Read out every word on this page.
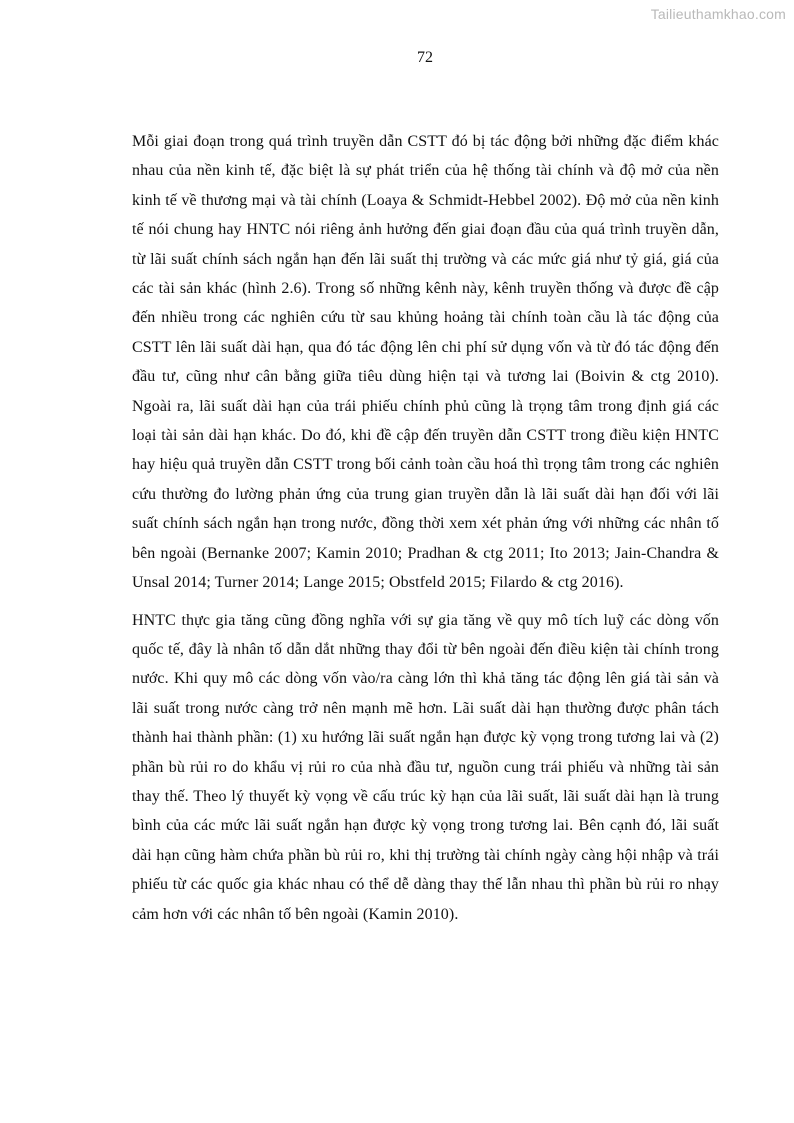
Tailieuthamkhao.com
72

Mỗi giai đoạn trong quá trình truyền dẫn CSTT đó bị tác động bởi những đặc điểm khác nhau của nền kinh tế, đặc biệt là sự phát triển của hệ thống tài chính và độ mở của nền kinh tế về thương mại và tài chính (Loaya & Schmidt-Hebbel 2002). Độ mở của nền kinh tế nói chung hay HNTC nói riêng ảnh hưởng đến giai đoạn đầu của quá trình truyền dẫn, từ lãi suất chính sách ngắn hạn đến lãi suất thị trường và các mức giá như tỷ giá, giá của các tài sản khác (hình 2.6). Trong số những kênh này, kênh truyền thống và được đề cập đến nhiều trong các nghiên cứu từ sau khủng hoảng tài chính toàn cầu là tác động của CSTT lên lãi suất dài hạn, qua đó tác động lên chi phí sử dụng vốn và từ đó tác động đến đầu tư, cũng như cân bằng giữa tiêu dùng hiện tại và tương lai (Boivin & ctg 2010). Ngoài ra, lãi suất dài hạn của trái phiếu chính phủ cũng là trọng tâm trong định giá các loại tài sản dài hạn khác. Do đó, khi đề cập đến truyền dẫn CSTT trong điều kiện HNTC hay hiệu quả truyền dẫn CSTT trong bối cảnh toàn cầu hoá thì trọng tâm trong các nghiên cứu thường đo lường phản ứng của trung gian truyền dẫn là lãi suất dài hạn đối với lãi suất chính sách ngắn hạn trong nước, đồng thời xem xét phản ứng với những các nhân tố bên ngoài (Bernanke 2007; Kamin 2010; Pradhan & ctg 2011; Ito 2013; Jain-Chandra & Unsal 2014; Turner 2014; Lange 2015; Obstfeld 2015; Filardo & ctg 2016).

HNTC thực gia tăng cũng đồng nghĩa với sự gia tăng về quy mô tích luỹ các dòng vốn quốc tế, đây là nhân tố dẫn dắt những thay đổi từ bên ngoài đến điều kiện tài chính trong nước. Khi quy mô các dòng vốn vào/ra càng lớn thì khả tăng tác động lên giá tài sản và lãi suất trong nước càng trở nên mạnh mẽ hơn. Lãi suất dài hạn thường được phân tách thành hai thành phần: (1) xu hướng lãi suất ngắn hạn được kỳ vọng trong tương lai và (2) phần bù rủi ro do khẩu vị rủi ro của nhà đầu tư, nguồn cung trái phiếu và những tài sản thay thế. Theo lý thuyết kỳ vọng về cấu trúc kỳ hạn của lãi suất, lãi suất dài hạn là trung bình của các mức lãi suất ngắn hạn được kỳ vọng trong tương lai. Bên cạnh đó, lãi suất dài hạn cũng hàm chứa phần bù rủi ro, khi thị trường tài chính ngày càng hội nhập và trái phiếu từ các quốc gia khác nhau có thể dễ dàng thay thế lẫn nhau thì phần bù rủi ro nhạy cảm hơn với các nhân tố bên ngoài (Kamin 2010).
